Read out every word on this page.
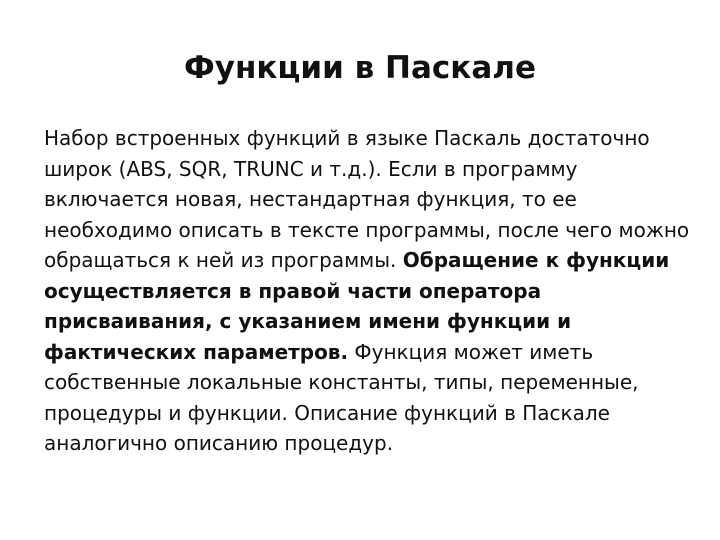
Функции в Паскале

Набор встроенных функций в языке Паскаль достаточно широк (ABS, SQR, TRUNC и т.д.). Если в программу включается новая, нестандартная функция, то ее необходимо описать в тексте программы, после чего можно обращаться к ней из программы. Обращение к функции осуществляется в правой части оператора присваивания, с указанием имени функции и фактических параметров. Функция может иметь собственные локальные константы, типы, переменные, процедуры и функции. Описание функций в Паскале аналогично описанию процедур.
